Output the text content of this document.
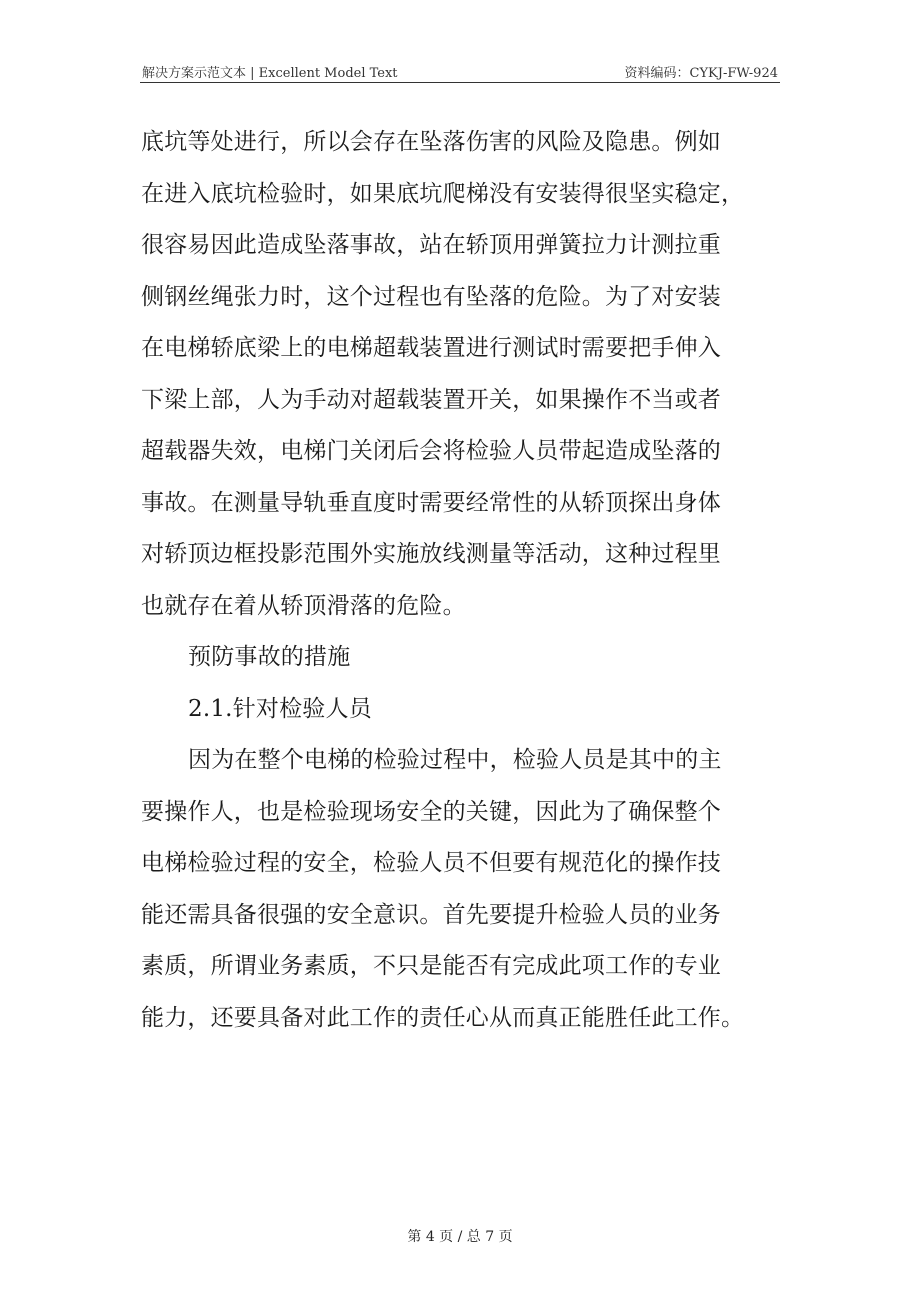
解决方案示范文本 | Excellent Model Text	资料编码：CYKJ-FW-924

底坑等处进行，所以会存在坠落伤害的风险及隐患。例如

在进入底坑检验时，如果底坑爬梯没有安装得很坚实稳定，

很容易因此造成坠落事故，站在轿顶用弹簧拉力计测拉重

侧钢丝绳张力时，这个过程也有坠落的危险。为了对安装

在电梯轿底梁上的电梯超载装置进行测试时需要把手伸入

下梁上部，人为手动对超载装置开关，如果操作不当或者

超载器失效，电梯门关闭后会将检验人员带起造成坠落的

事故。在测量导轨垂直度时需要经常性的从轿顶探出身体

对轿顶边框投影范围外实施放线测量等活动，这种过程里

也就存在着从轿顶滑落的危险。

预防事故的措施

2.1.针对检验人员

因为在整个电梯的检验过程中，检验人员是其中的主

要操作人，也是检验现场安全的关键，因此为了确保整个

电梯检验过程的安全，检验人员不但要有规范化的操作技

能还需具备很强的安全意识。首先要提升检验人员的业务

素质，所谓业务素质，不只是能否有完成此项工作的专业

能力，还要具备对此工作的责任心从而真正能胜任此工作。

第 4 页 / 总 7 页
